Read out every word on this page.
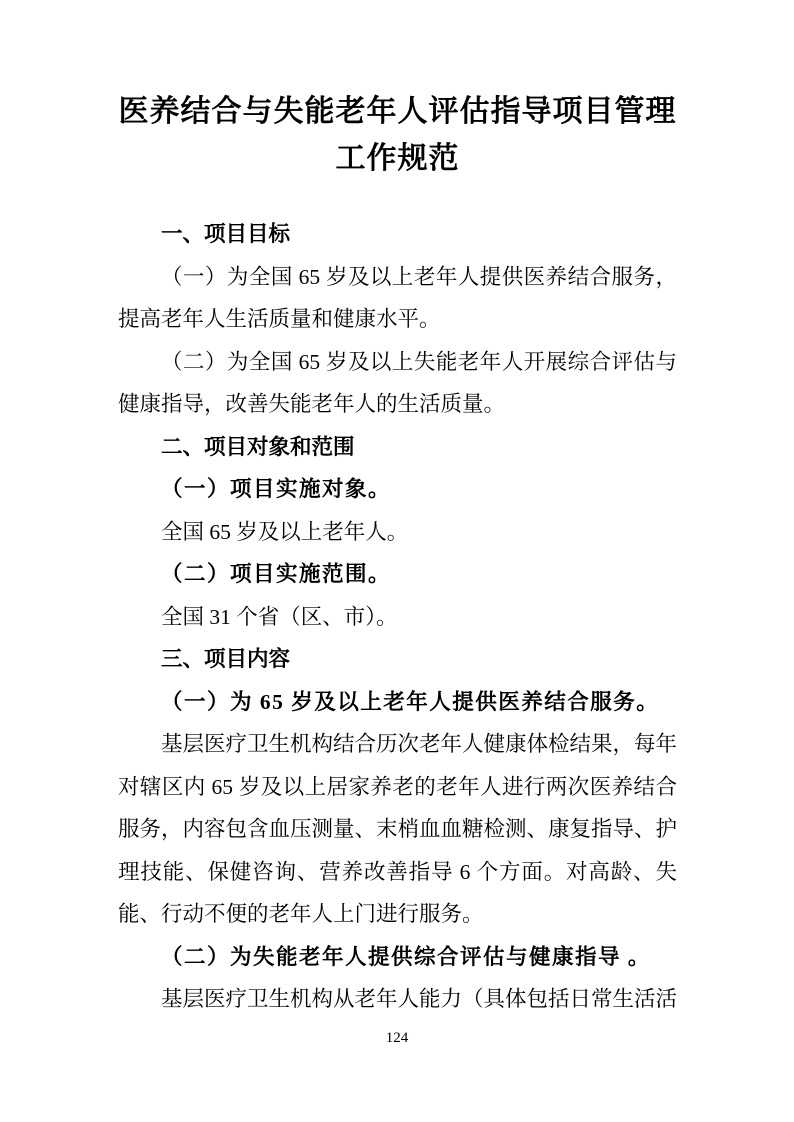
医养结合与失能老年人评估指导项目管理
工作规范
一、项目目标

（一）为全国 65 岁及以上老年人提供医养结合服务，提高老年人生活质量和健康水平。

（二）为全国 65 岁及以上失能老年人开展综合评估与健康指导，改善失能老年人的生活质量。

二、项目对象和范围
（一）项目实施对象。

全国 65 岁及以上老年人。

（二）项目实施范围。

全国 31 个省（区、市）。

三、项目内容
（一）为 65 岁及以上老年人提供医养结合服务。

基层医疗卫生机构结合历次老年人健康体检结果，每年对辖区内 65 岁及以上居家养老的老年人进行两次医养结合服务，内容包含血压测量、末梢血血糖检测、康复指导、护理技能、保健咨询、营养改善指导 6 个方面。对高龄、失能、行动不便的老年人上门进行服务。

（二）为失能老年人提供综合评估与健康指导 。

基层医疗卫生机构从老年人能力（具体包括日常生活活

124
